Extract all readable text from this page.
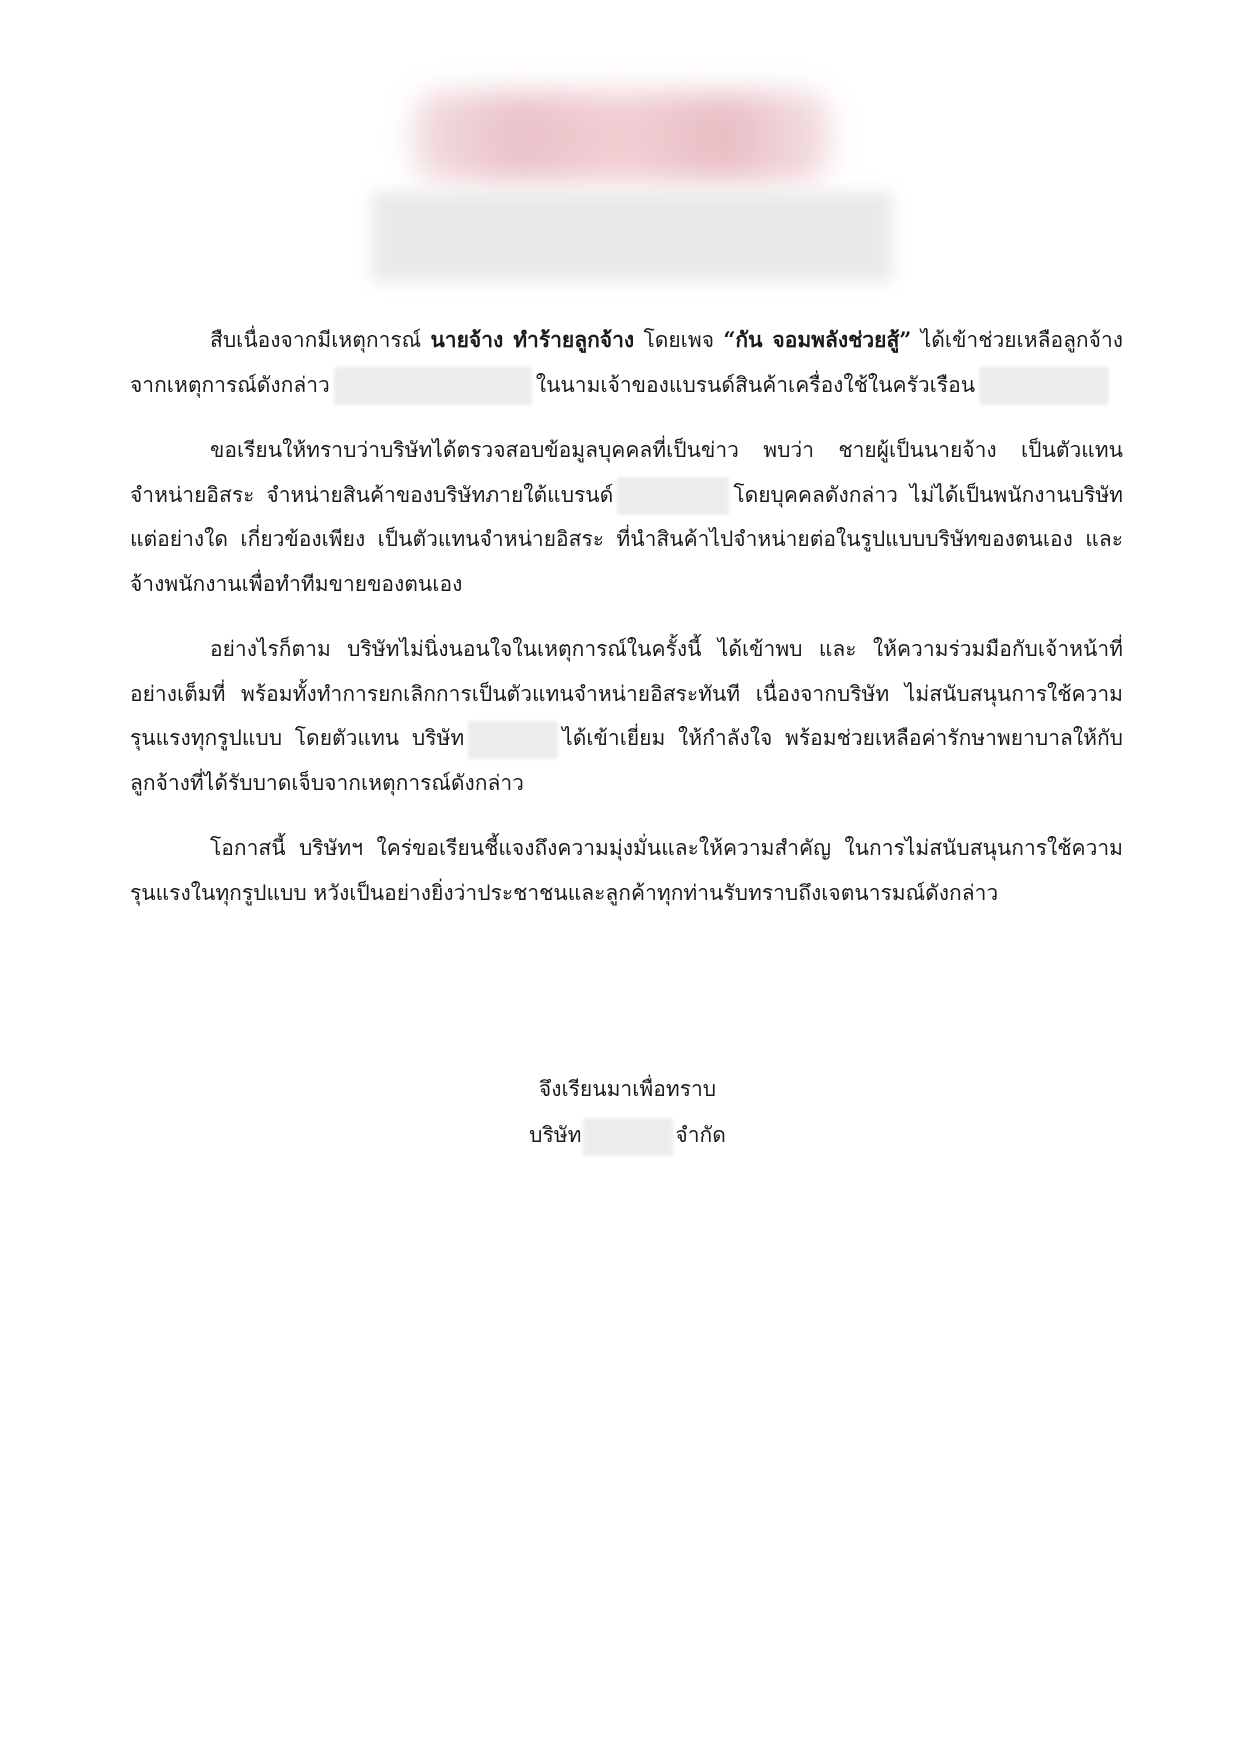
สืบเนื่องจากมีเหตุการณ์ นายจ้าง ทำร้ายลูกจ้าง โดยเพจ “กัน จอมพลังช่วยสู้” ได้เข้าช่วยเหลือลูกจ้าง จากเหตุการณ์ดังกล่าว	ในนามเจ้าของแบรนด์สินค้าเครื่องใช้ในครัวเรือน

ขอเรียนให้ทราบว่าบริษัทได้ตรวจสอบข้อมูลบุคคลที่เป็นข่าว พบว่า ชายผู้เป็นนายจ้าง เป็นตัวแทนจำหน่ายอิสระ จำหน่ายสินค้าของบริษัทภายใต้แบรนด์	โดยบุคคลดังกล่าว ไม่ได้เป็นพนักงานบริษัทแต่อย่างใด เกี่ยวข้องเพียง เป็นตัวแทนจำหน่ายอิสระ ที่นำสินค้าไปจำหน่ายต่อในรูปแบบบริษัทของตนเอง และจ้างพนักงานเพื่อทำทีมขายของตนเอง

อย่างไรก็ตาม บริษัทไม่นิ่งนอนใจในเหตุการณ์ในครั้งนี้ ได้เข้าพบ และ ให้ความร่วมมือกับเจ้าหน้าที่อย่างเต็มที่ พร้อมทั้งทำการยกเลิกการเป็นตัวแทนจำหน่ายอิสระทันที เนื่องจากบริษัท ไม่สนับสนุนการใช้ความรุนแรงทุกรูปแบบ โดยตัวแทน บริษัท	ได้เข้าเยี่ยม ให้กำลังใจ พร้อมช่วยเหลือค่ารักษาพยาบาลให้กับลูกจ้างที่ได้รับบาดเจ็บจากเหตุการณ์ดังกล่าว

โอกาสนี้ บริษัทฯ ใคร่ขอเรียนชี้แจงถึงความมุ่งมั่นและให้ความสำคัญ ในการไม่สนับสนุนการใช้ความรุนแรงในทุกรูปแบบ หวังเป็นอย่างยิ่งว่าประชาชนและลูกค้าทุกท่านรับทราบถึงเจตนารมณ์ดังกล่าว

จึงเรียนมาเพื่อทราบ
บริษัท	จำกัด
